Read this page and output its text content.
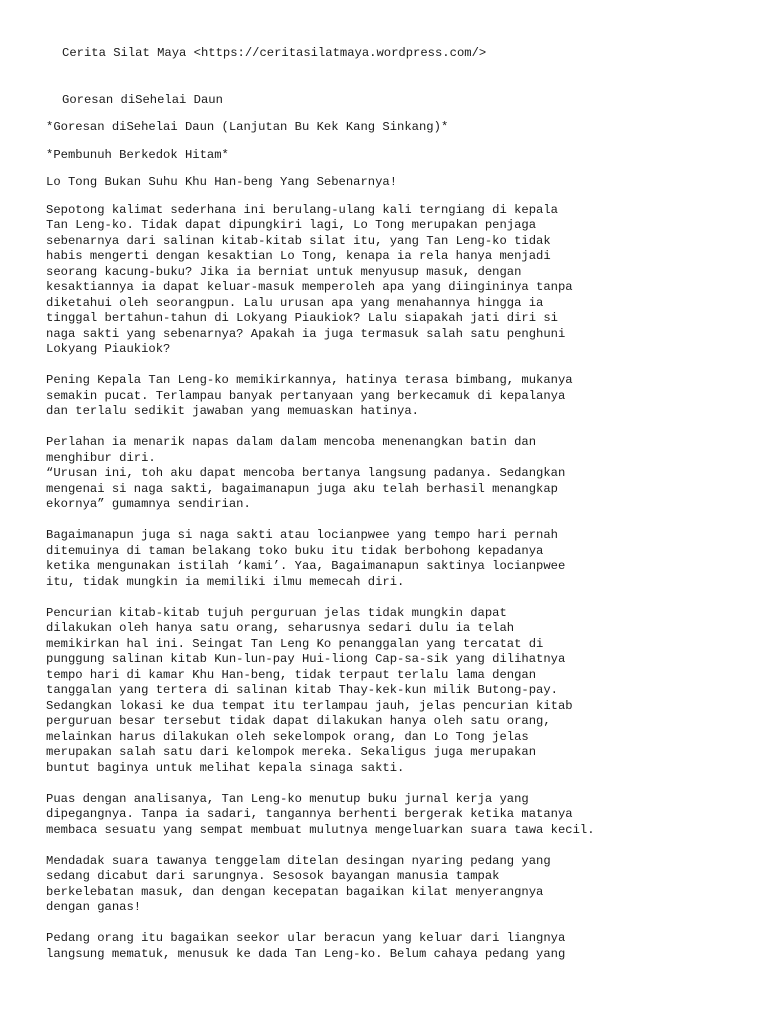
Cerita Silat Maya <https://ceritasilatmaya.wordpress.com/>
Goresan diSehelai Daun
*Goresan diSehelai Daun (Lanjutan Bu Kek Kang Sinkang)*
*Pembunuh Berkedok Hitam*
Lo Tong Bukan Suhu Khu Han-beng Yang Sebenarnya!
Sepotong kalimat sederhana ini berulang-ulang kali terngiang di kepala
Tan Leng-ko. Tidak dapat dipungkiri lagi, Lo Tong merupakan penjaga
sebenarnya dari salinan kitab-kitab silat itu, yang Tan Leng-ko tidak
habis mengerti dengan kesaktian Lo Tong, kenapa ia rela hanya menjadi
seorang kacung-buku? Jika ia berniat untuk menyusup masuk, dengan
kesaktiannya ia dapat keluar-masuk memperoleh apa yang diingininya tanpa
diketahui oleh seorangpun. Lalu urusan apa yang menahannya hingga ia
tinggal bertahun-tahun di Lokyang Piaukiok? Lalu siapakah jati diri si
naga sakti yang sebenarnya? Apakah ia juga termasuk salah satu penghuni
Lokyang Piaukiok?
Pening Kepala Tan Leng-ko memikirkannya, hatinya terasa bimbang, mukanya
semakin pucat. Terlampau banyak pertanyaan yang berkecamuk di kepalanya
dan terlalu sedikit jawaban yang memuaskan hatinya.
Perlahan ia menarik napas dalam dalam mencoba menenangkan batin dan
menghibur diri.
“Urusan ini, toh aku dapat mencoba bertanya langsung padanya. Sedangkan
mengenai si naga sakti, bagaimanapun juga aku telah berhasil menangkap
ekornya” gumamnya sendirian.
Bagaimanapun juga si naga sakti atau locianpwee yang tempo hari pernah
ditemuinya di taman belakang toko buku itu tidak berbohong kepadanya
ketika mengunakan istilah ‘kami’. Yaa, Bagaimanapun saktinya locianpwee
itu, tidak mungkin ia memiliki ilmu memecah diri.
Pencurian kitab-kitab tujuh perguruan jelas tidak mungkin dapat
dilakukan oleh hanya satu orang, seharusnya sedari dulu ia telah
memikirkan hal ini. Seingat Tan Leng Ko penanggalan yang tercatat di
punggung salinan kitab Kun-lun-pay Hui-liong Cap-sa-sik yang dilihatnya
tempo hari di kamar Khu Han-beng, tidak terpaut terlalu lama dengan
tanggalan yang tertera di salinan kitab Thay-kek-kun milik Butong-pay.
Sedangkan lokasi ke dua tempat itu terlampau jauh, jelas pencurian kitab
perguruan besar tersebut tidak dapat dilakukan hanya oleh satu orang,
melainkan harus dilakukan oleh sekelompok orang, dan Lo Tong jelas
merupakan salah satu dari kelompok mereka. Sekaligus juga merupakan
buntut baginya untuk melihat kepala sinaga sakti.
Puas dengan analisanya, Tan Leng-ko menutup buku jurnal kerja yang
dipegangnya. Tanpa ia sadari, tangannya berhenti bergerak ketika matanya
membaca sesuatu yang sempat membuat mulutnya mengeluarkan suara tawa kecil.
Mendadak suara tawanya tenggelam ditelan desingan nyaring pedang yang
sedang dicabut dari sarungnya. Sesosok bayangan manusia tampak
berkelebatan masuk, dan dengan kecepatan bagaikan kilat menyerangnya
dengan ganas!
Pedang orang itu bagaikan seekor ular beracun yang keluar dari liangnya
langsung mematuk, menusuk ke dada Tan Leng-ko. Belum cahaya pedang yang
